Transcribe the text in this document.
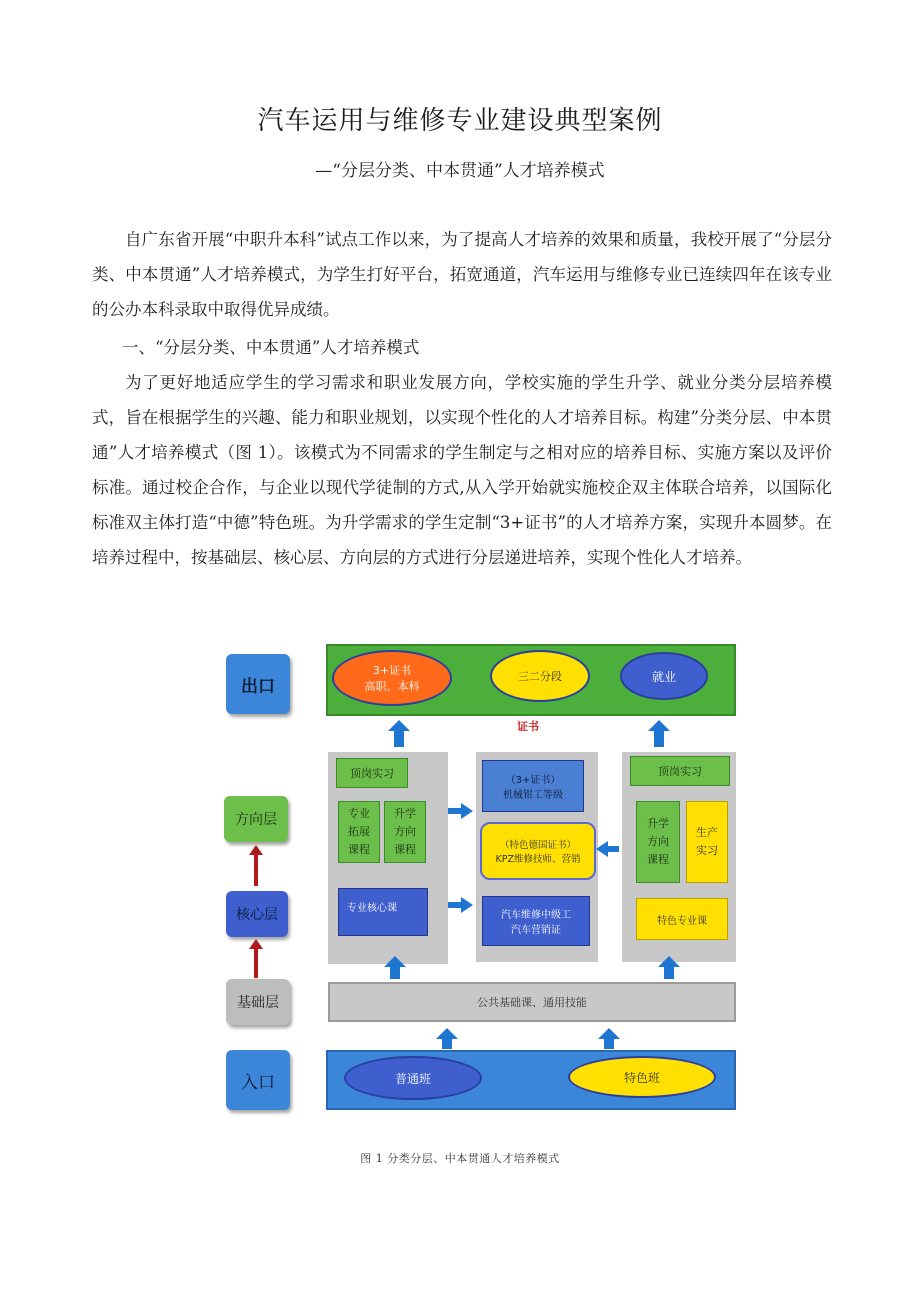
汽车运用与维修专业建设典型案例
—“分层分类、中本贯通”人才培养模式

自广东省开展“中职升本科”试点工作以来，为了提高人才培养的效果和质量，我校开展了“分层分类、中本贯通”人才培养模式，为学生打好平台，拓宽通道，汽车运用与维修专业已连续四年在该专业的公办本科录取中取得优异成绩。

一、“分层分类、中本贯通”人才培养模式

为了更好地适应学生的学习需求和职业发展方向，学校实施的学生升学、就业分类分层培养模式，旨在根据学生的兴趣、能力和职业规划，以实现个性化的人才培养目标。构建”分类分层、中本贯通”人才培养模式（图 1）。该模式为不同需求的学生制定与之相对应的培养目标、实施方案以及评价标准。通过校企合作，与企业以现代学徒制的方式,从入学开始就实施校企双主体联合培养，以国际化标准双主体打造“中德”特色班。为升学需求的学生定制“3+证书”的人才培养方案，实现升本圆梦。在培养过程中，按基础层、核心层、方向层的方式进行分层递进培养，实现个性化人才培养。

出口
方向层
核心层
基础层
入口
3+证书
高职、本科
三二分段	就业
证书
顶岗实习
专业拓展课程
升学方向课程
专业核心课
（3+证书）
机械钳工等级
（特色德国证书）
KPZ维修技师、营销
汽车维修中级工
汽车营销证
顶岗实习
升学方向课程
生产实习
特色专业课
公共基础课、通用技能
普通班	特色班
图 1 分类分层、中本贯通人才培养模式
